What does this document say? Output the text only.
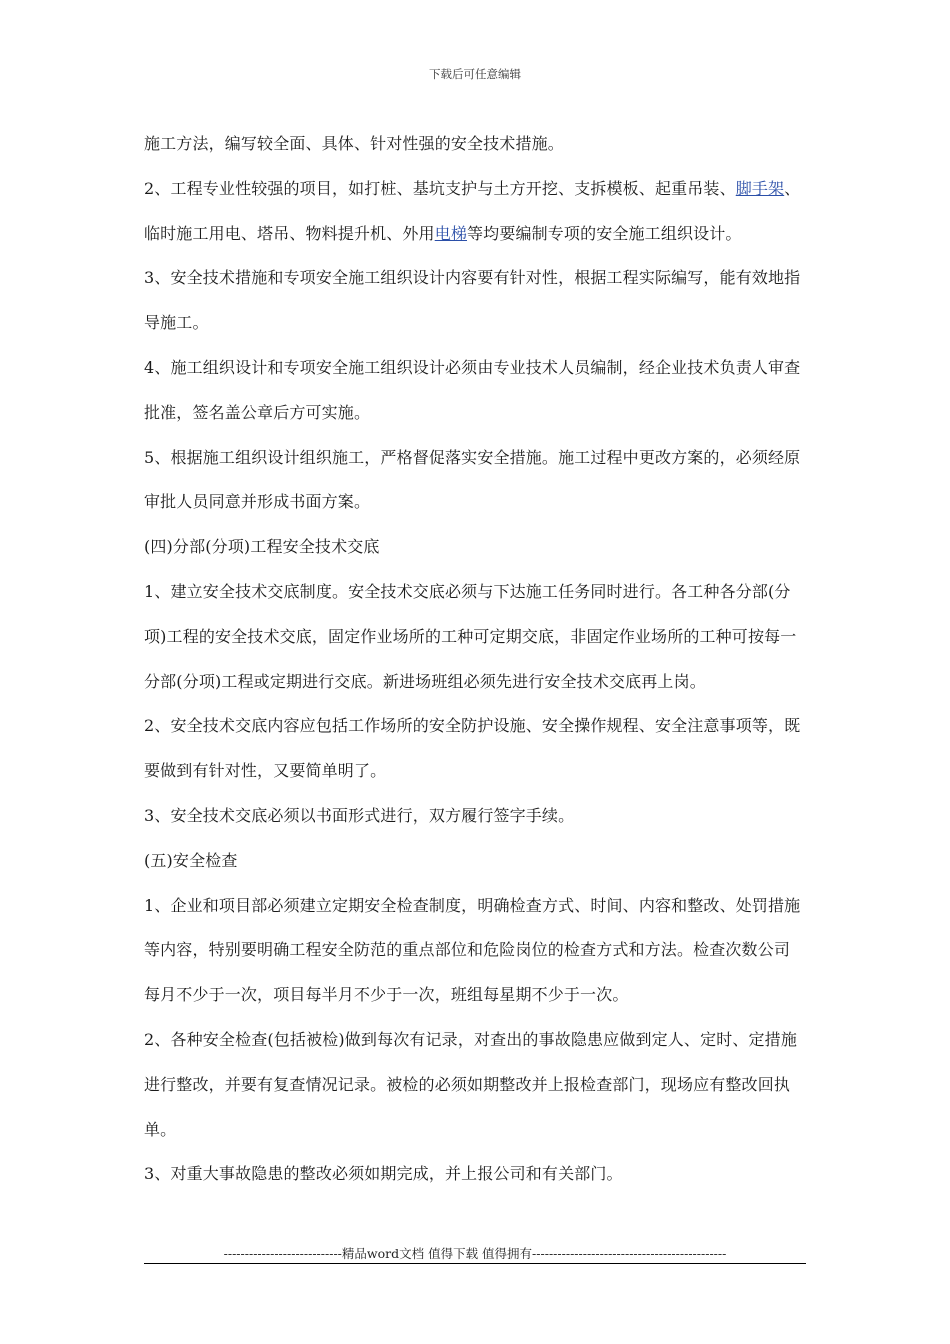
下载后可任意编辑

施工方法，编写较全面、具体、针对性强的安全技术措施。

2、工程专业性较强的项目，如打桩、基坑支护与土方开挖、支拆模板、起重吊装、脚手架、临时施工用电、塔吊、物料提升机、外用电梯等均要编制专项的安全施工组织设计。

3、安全技术措施和专项安全施工组织设计内容要有针对性，根据工程实际编写，能有效地指导施工。

4、施工组织设计和专项安全施工组织设计必须由专业技术人员编制，经企业技术负责人审查批准，签名盖公章后方可实施。

5、根据施工组织设计组织施工，严格督促落实安全措施。施工过程中更改方案的，必须经原审批人员同意并形成书面方案。

(四)分部(分项)工程安全技术交底

1、建立安全技术交底制度。安全技术交底必须与下达施工任务同时进行。各工种各分部(分项)工程的安全技术交底，固定作业场所的工种可定期交底，非固定作业场所的工种可按每一分部(分项)工程或定期进行交底。新进场班组必须先进行安全技术交底再上岗。

2、安全技术交底内容应包括工作场所的安全防护设施、安全操作规程、安全注意事项等，既要做到有针对性，又要简单明了。

3、安全技术交底必须以书面形式进行，双方履行签字手续。

(五)安全检查

1、企业和项目部必须建立定期安全检查制度，明确检查方式、时间、内容和整改、处罚措施等内容，特别要明确工程安全防范的重点部位和危险岗位的检查方式和方法。检查次数公司每月不少于一次，项目每半月不少于一次，班组每星期不少于一次。

2、各种安全检查(包括被检)做到每次有记录，对查出的事故隐患应做到定人、定时、定措施进行整改，并要有复查情况记录。被检的必须如期整改并上报检查部门，现场应有整改回执单。

3、对重大事故隐患的整改必须如期完成，并上报公司和有关部门。

----------------------------精品word文档 值得下载 值得拥有----------------------------------------------
